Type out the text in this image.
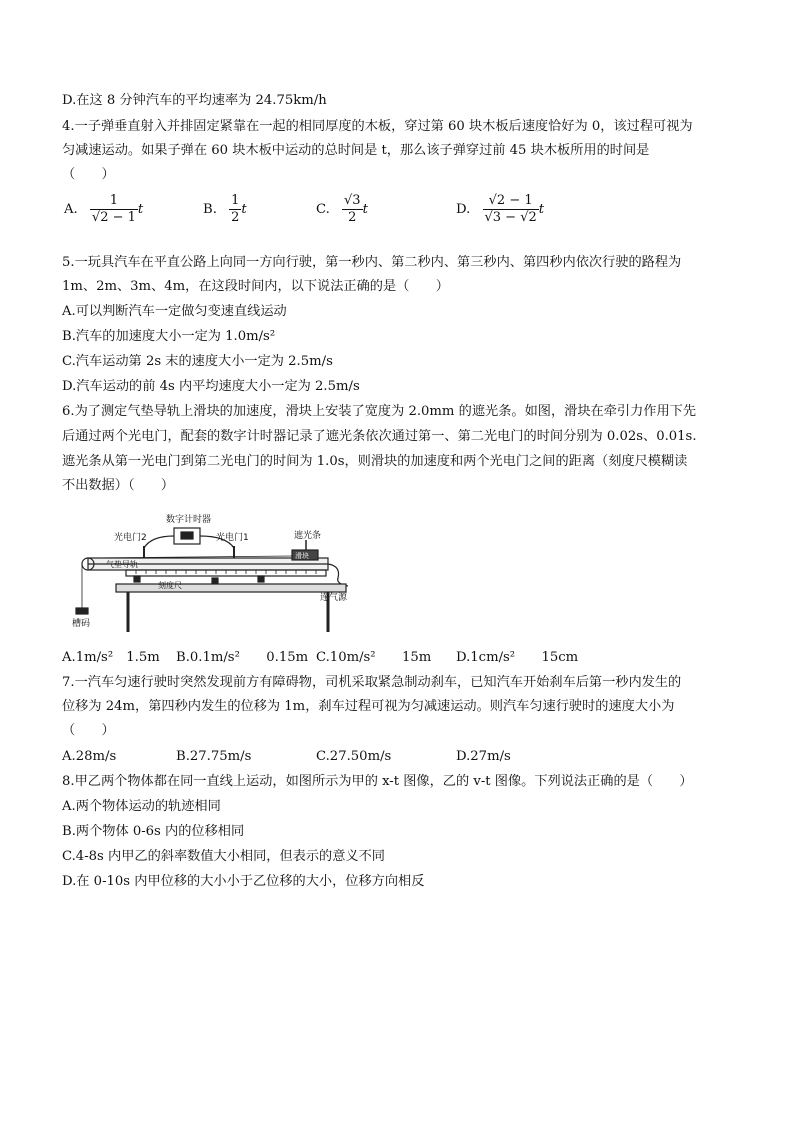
D.在这 8 分钟汽车的平均速率为 24.75km/h
4.一子弹垂直射入并排固定紧靠在一起的相同厚度的木板，穿过第 60 块木板后速度恰好为 0，该过程可视为
匀减速运动。如果子弹在 60 块木板中运动的总时间是 t，那么该子弹穿过前 45 块木板所用的时间是
（　　）
A. $\frac{1}{√2 - 1}$ t	B. $\frac{1}{2}$ t	C. $\frac{√3}{2}$ t	D. $\frac{√2 - 1}{√3 - √2}$ t
5.一玩具汽车在平直公路上向同一方向行驶，第一秒内、第二秒内、第三秒内、第四秒内依次行驶的路程为
1m、2m、3m、4m，在这段时间内，以下说法正确的是（　　）
A.可以判断汽车一定做匀变速直线运动
B.汽车的加速度大小一定为 1.0m/s²
C.汽车运动第 2s 末的速度大小一定为 2.5m/s
D.汽车运动的前 4s 内平均速度大小一定为 2.5m/s
6.为了测定气垫导轨上滑块的加速度，滑块上安装了宽度为 2.0mm 的遮光条。如图，滑块在牵引力作用下先
后通过两个光电门，配套的数字计时器记录了遮光条依次通过第一、第二光电门的时间分别为 0.02s、0.01s.
遮光条从第一光电门到第二光电门的时间为 1.0s，则滑块的加速度和两个光电门之间的距离（刻度尺模糊读
不出数据）（　　）
数字计时器
光电门2	光电门1	遮光条
滑块
气垫导轨
刻度尺
连气源
槽码
A.1m/s²　1.5m B.0.1m/s²　　0.15m C.10m/s²　　15m D.1cm/s²　　15cm
7.一汽车匀速行驶时突然发现前方有障碍物，司机采取紧急制动刹车，已知汽车开始刹车后第一秒内发生的
位移为 24m，第四秒内发生的位移为 1m，刹车过程可视为匀减速运动。则汽车匀速行驶时的速度大小为
（　　）
A.28m/s	B.27.75m/s	C.27.50m/s	D.27m/s
8.甲乙两个物体都在同一直线上运动，如图所示为甲的 x-t 图像，乙的 v-t 图像。下列说法正确的是（　　）
A.两个物体运动的轨迹相同
B.两个物体 0-6s 内的位移相同
C.4-8s 内甲乙的斜率数值大小相同，但表示的意义不同
D.在 0-10s 内甲位移的大小小于乙位移的大小，位移方向相反
